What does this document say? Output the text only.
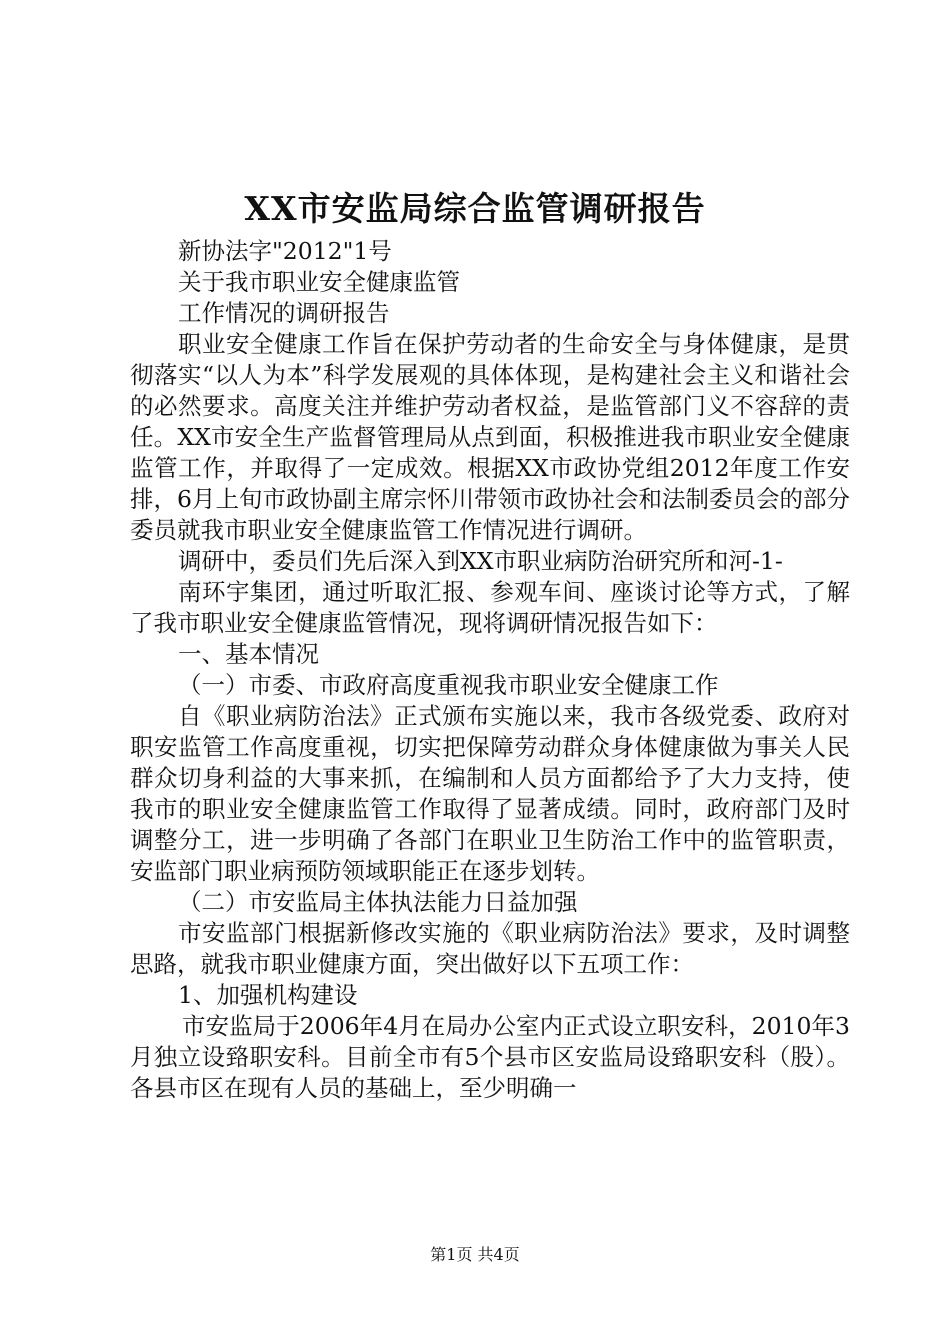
XX市安监局综合监管调研报告

新协法字"2012"1号

关于我市职业安全健康监管

工作情况的调研报告

职业安全健康工作旨在保护劳动者的生命安全与身体健康，是贯彻落实“以人为本”科学发展观的具体体现，是构建社会主义和谐社会的必然要求。高度关注并维护劳动者权益，是监管部门义不容辞的责任。XX市安全生产监督管理局从点到面，积极推进我市职业安全健康监管工作，并取得了一定成效。根据XX市政协党组2012年度工作安排，6月上旬市政协副主席宗怀川带领市政协社会和法制委员会的部分委员就我市职业安全健康监管工作情况进行调研。

调研中，委员们先后深入到XX市职业病防治研究所和河-1-

南环宇集团，通过听取汇报、参观车间、座谈讨论等方式，了解了我市职业安全健康监管情况，现将调研情况报告如下：

一、基本情况

（一）市委、市政府高度重视我市职业安全健康工作

自《职业病防治法》正式颁布实施以来，我市各级党委、政府对职安监管工作高度重视，切实把保障劳动群众身体健康做为事关人民群众切身利益的大事来抓，在编制和人员方面都给予了大力支持，使我市的职业安全健康监管工作取得了显著成绩。同时，政府部门及时调整分工，进一步明确了各部门在职业卫生防治工作中的监管职责，安监部门职业病预防领域职能正在逐步划转。

（二）市安监局主体执法能力日益加强

市安监部门根据新修改实施的《职业病防治法》要求，及时调整思路，就我市职业健康方面，突出做好以下五项工作：

1、加强机构建设

市安监局于2006年4月在局办公室内正式设立职安科，2010年3月独立设臵职安科。目前全市有5个县市区安监局设臵职安科（股）。各县市区在现有人员的基础上，至少明确一

第1页 共4页
